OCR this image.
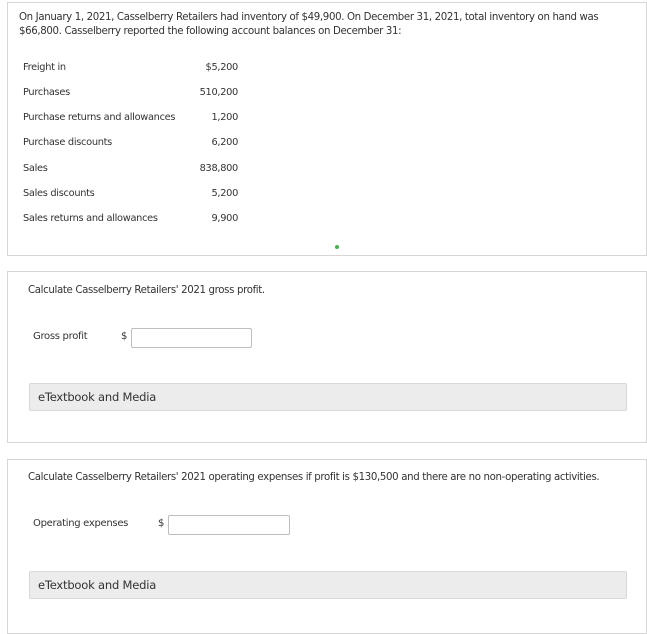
On January 1, 2021, Casselberry Retailers had inventory of $49,900. On December 31, 2021, total inventory on hand was $66,800. Casselberry reported the following account balances on December 31:
Freight in	$5,200
Purchases	510,200
Purchase returns and allowances	1,200
Purchase discounts	6,200
Sales	838,800
Sales discounts	5,200
Sales returns and allowances	9,900
Calculate Casselberry Retailers' 2021 gross profit.
Gross profit	$
eTextbook and Media
Calculate Casselberry Retailers' 2021 operating expenses if profit is $130,500 and there are no non-operating activities.
Operating expenses	$
eTextbook and Media
